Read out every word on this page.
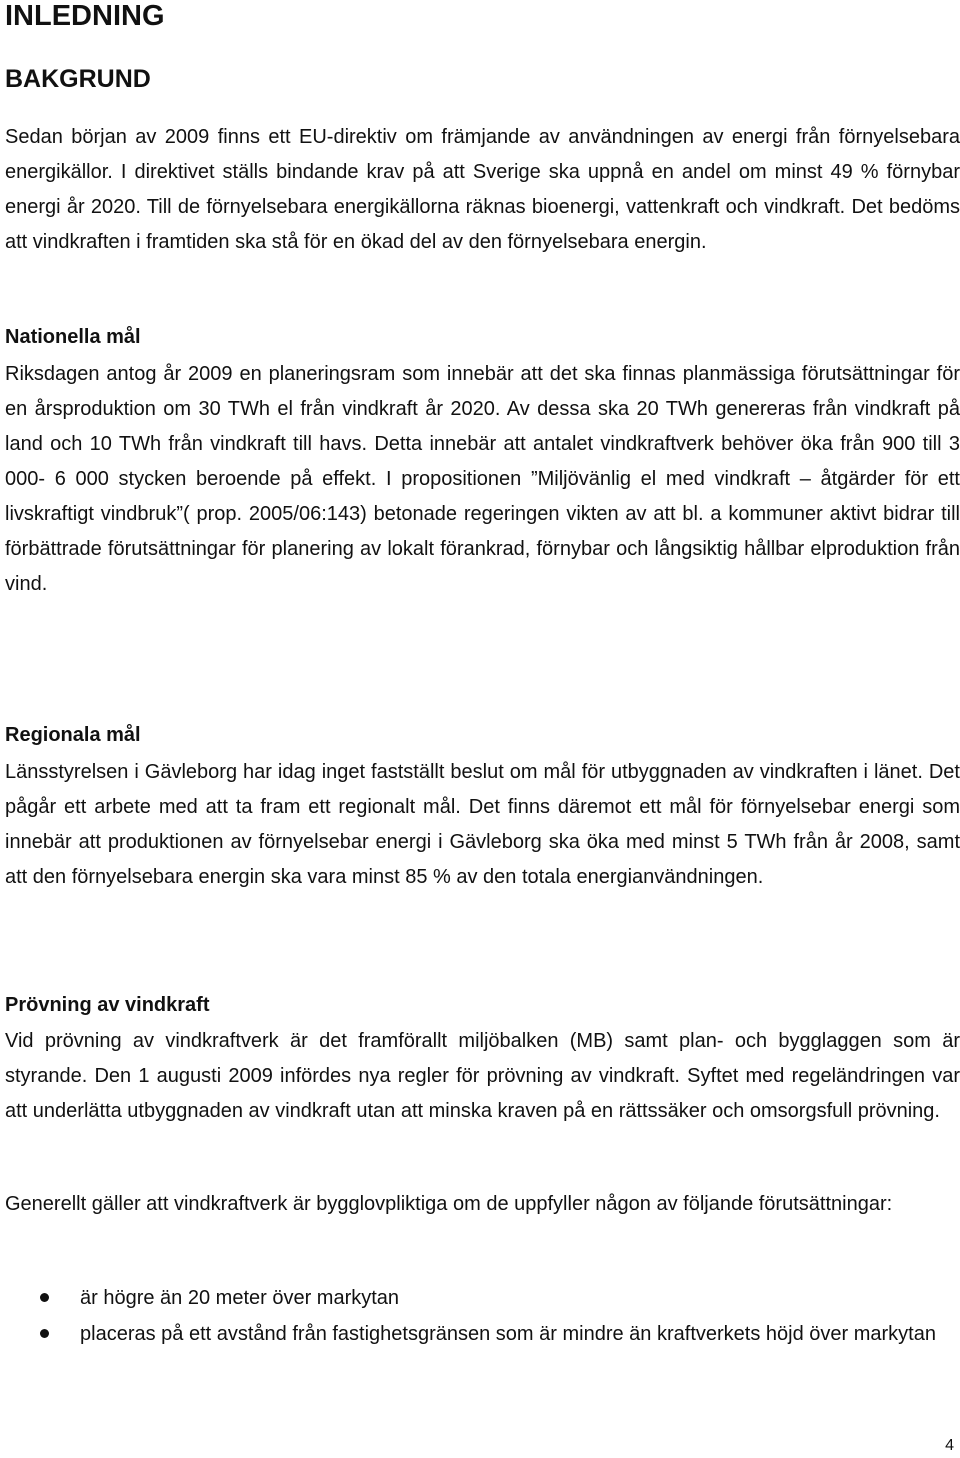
INLEDNING
BAKGRUND
Sedan början av 2009 finns ett EU-direktiv om främjande av användningen av energi från förnyelsebara energikällor. I direktivet ställs bindande krav på att Sverige ska uppnå en andel om minst 49 % förnybar energi år 2020. Till de förnyelsebara energikällorna räknas bioenergi, vattenkraft och vindkraft. Det bedöms att vindkraften i framtiden ska stå för en ökad del av den förnyelsebara energin.
Nationella mål
Riksdagen antog år 2009 en planeringsram som innebär att det ska finnas planmässiga förutsättningar för en årsproduktion om 30 TWh el från vindkraft år 2020. Av dessa ska 20 TWh genereras från vindkraft på land och 10 TWh från vindkraft till havs. Detta innebär att antalet vindkraftverk behöver öka från 900 till 3 000- 6 000 stycken beroende på effekt. I propositionen ”Miljövänlig el med vindkraft – åtgärder för ett livskraftigt vindbruk”( prop. 2005/06:143) betonade regeringen vikten av att bl. a kommuner aktivt bidrar till förbättrade förutsättningar för planering av lokalt förankrad, förnybar och långsiktig hållbar elproduktion från vind.
Regionala mål
Länsstyrelsen i Gävleborg har idag inget fastställt beslut om mål för utbyggnaden av vindkraften i länet. Det pågår ett arbete med att ta fram ett regionalt mål. Det finns däremot ett mål för förnyelsebar energi som innebär att produktionen av förnyelsebar energi i Gävleborg ska öka med minst 5 TWh från år 2008, samt att den förnyelsebara energin ska vara minst 85 % av den totala energianvändningen.
Prövning av vindkraft
Vid prövning av vindkraftverk är det framförallt miljöbalken (MB) samt plan- och bygglaggen som är styrande. Den 1 augusti 2009 infördes nya regler för prövning av vindkraft. Syftet med regeländringen var att underlätta utbyggnaden av vindkraft utan att minska kraven på en rättssäker och omsorgsfull prövning.
Generellt gäller att vindkraftverk är bygglovpliktiga om de uppfyller någon av följande förutsättningar:
är högre än 20 meter över markytan
placeras på ett avstånd från fastighetsgränsen som är mindre än kraftverkets höjd över markytan
4
